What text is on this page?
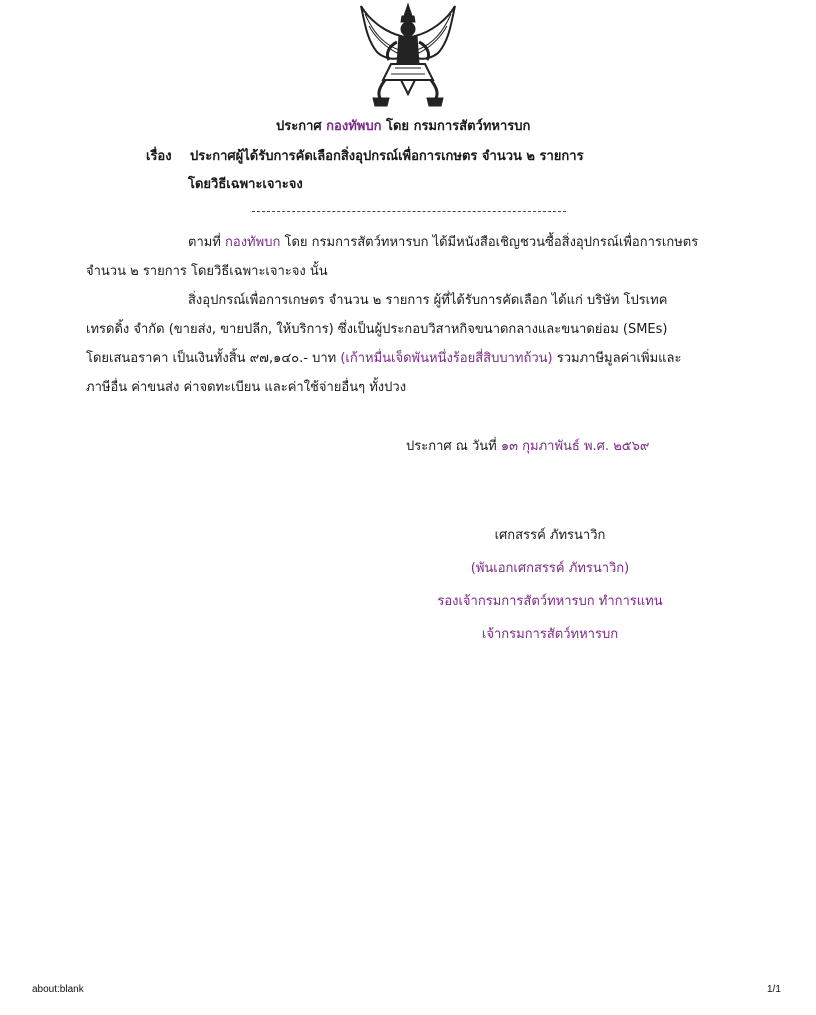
ประกาศ กองทัพบก โดย กรมการสัตว์ทหารบก
เรื่อง ประกาศผู้ได้รับการคัดเลือกสิ่งอุปกรณ์เพื่อการเกษตร จำนวน ๒ รายการ
โดยวิธีเฉพาะเจาะจง
ตามที่ กองทัพบก โดย กรมการสัตว์ทหารบก ได้มีหนังสือเชิญชวนซื้อสิ่งอุปกรณ์เพื่อการเกษตร
จำนวน ๒ รายการ โดยวิธีเฉพาะเจาะจง นั้น
สิ่งอุปกรณ์เพื่อการเกษตร จำนวน ๒ รายการ ผู้ที่ได้รับการคัดเลือก ได้แก่ บริษัท โปรเทค
เทรดดิ้ง จำกัด (ขายส่ง, ขายปลีก, ให้บริการ) ซึ่งเป็นผู้ประกอบวิสาหกิจขนาดกลางและขนาดย่อม (SMEs)
โดยเสนอราคา เป็นเงินทั้งสิ้น ๙๗,๑๔๐.- บาท (เก้าหมื่นเจ็ดพันหนึ่งร้อยสี่สิบบาทถ้วน) รวมภาษีมูลค่าเพิ่มและ
ภาษีอื่น ค่าขนส่ง ค่าจดทะเบียน และค่าใช้จ่ายอื่นๆ ทั้งปวง
ประกาศ ณ วันที่ ๑๓ กุมภาพันธ์ พ.ศ. ๒๕๖๙
เศกสรรค์ ภัทรนาวิก
(พันเอกเศกสรรค์ ภัทรนาวิก)
รองเจ้ากรมการสัตว์ทหารบก ทำการแทน
เจ้ากรมการสัตว์ทหารบก
about:blank	1/1
